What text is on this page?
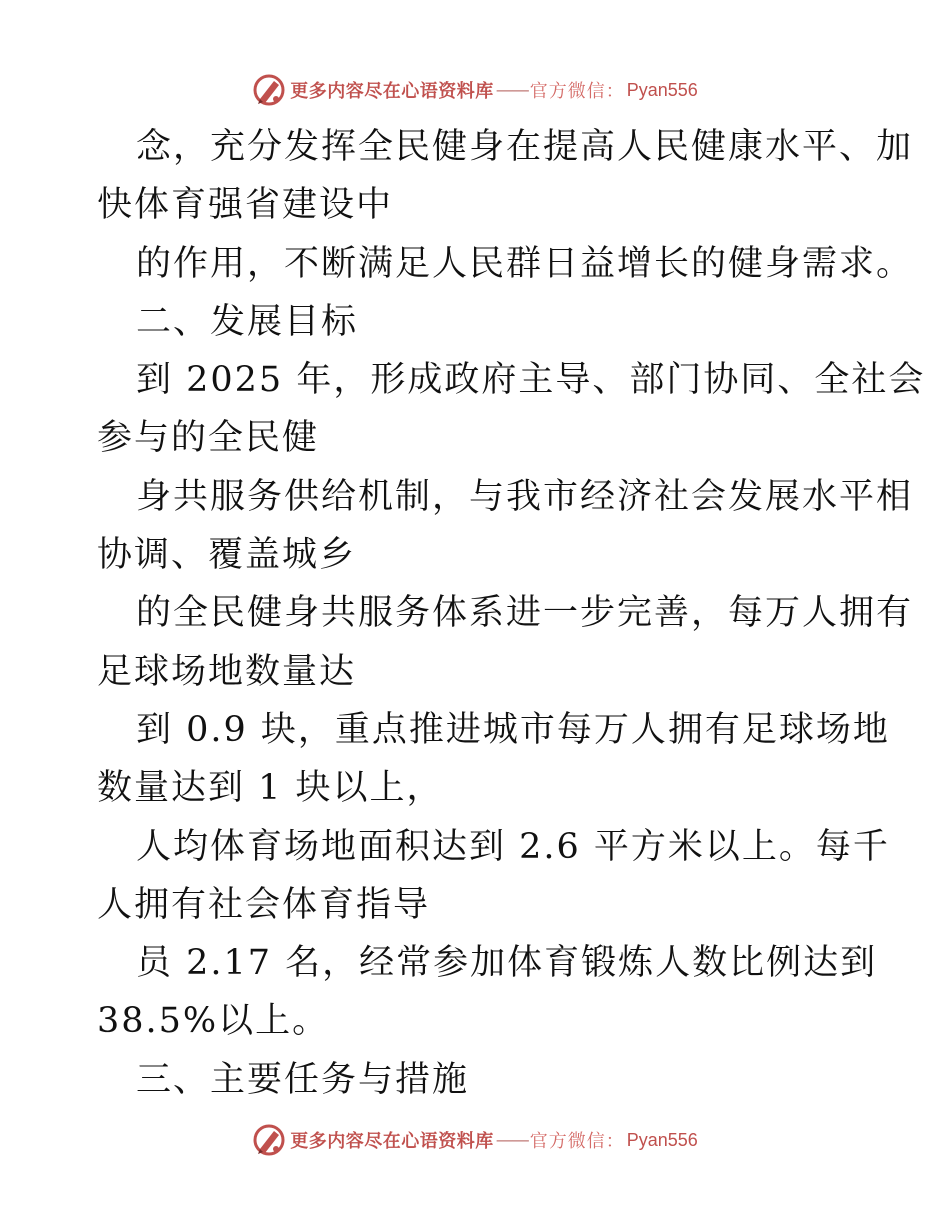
更多内容尽在心语资料库 —— 官方微信： Pyan556
念，充分发挥全民健身在提高人民健康水平、加
快体育强省建设中
的作用，不断满足人民群日益增长的健身需求。
二、发展目标
到 2025 年，形成政府主导、部门协同、全社会
参与的全民健
身共服务供给机制，与我市经济社会发展水平相
协调、覆盖城乡
的全民健身共服务体系进一步完善，每万人拥有
足球场地数量达
到 0.9 块，重点推进城市每万人拥有足球场地
数量达到 1 块以上，
人均体育场地面积达到 2.6 平方米以上。每千
人拥有社会体育指导
员 2.17 名，经常参加体育锻炼人数比例达到
38.5%以上。
三、主要任务与措施
更多内容尽在心语资料库 —— 官方微信： Pyan556
